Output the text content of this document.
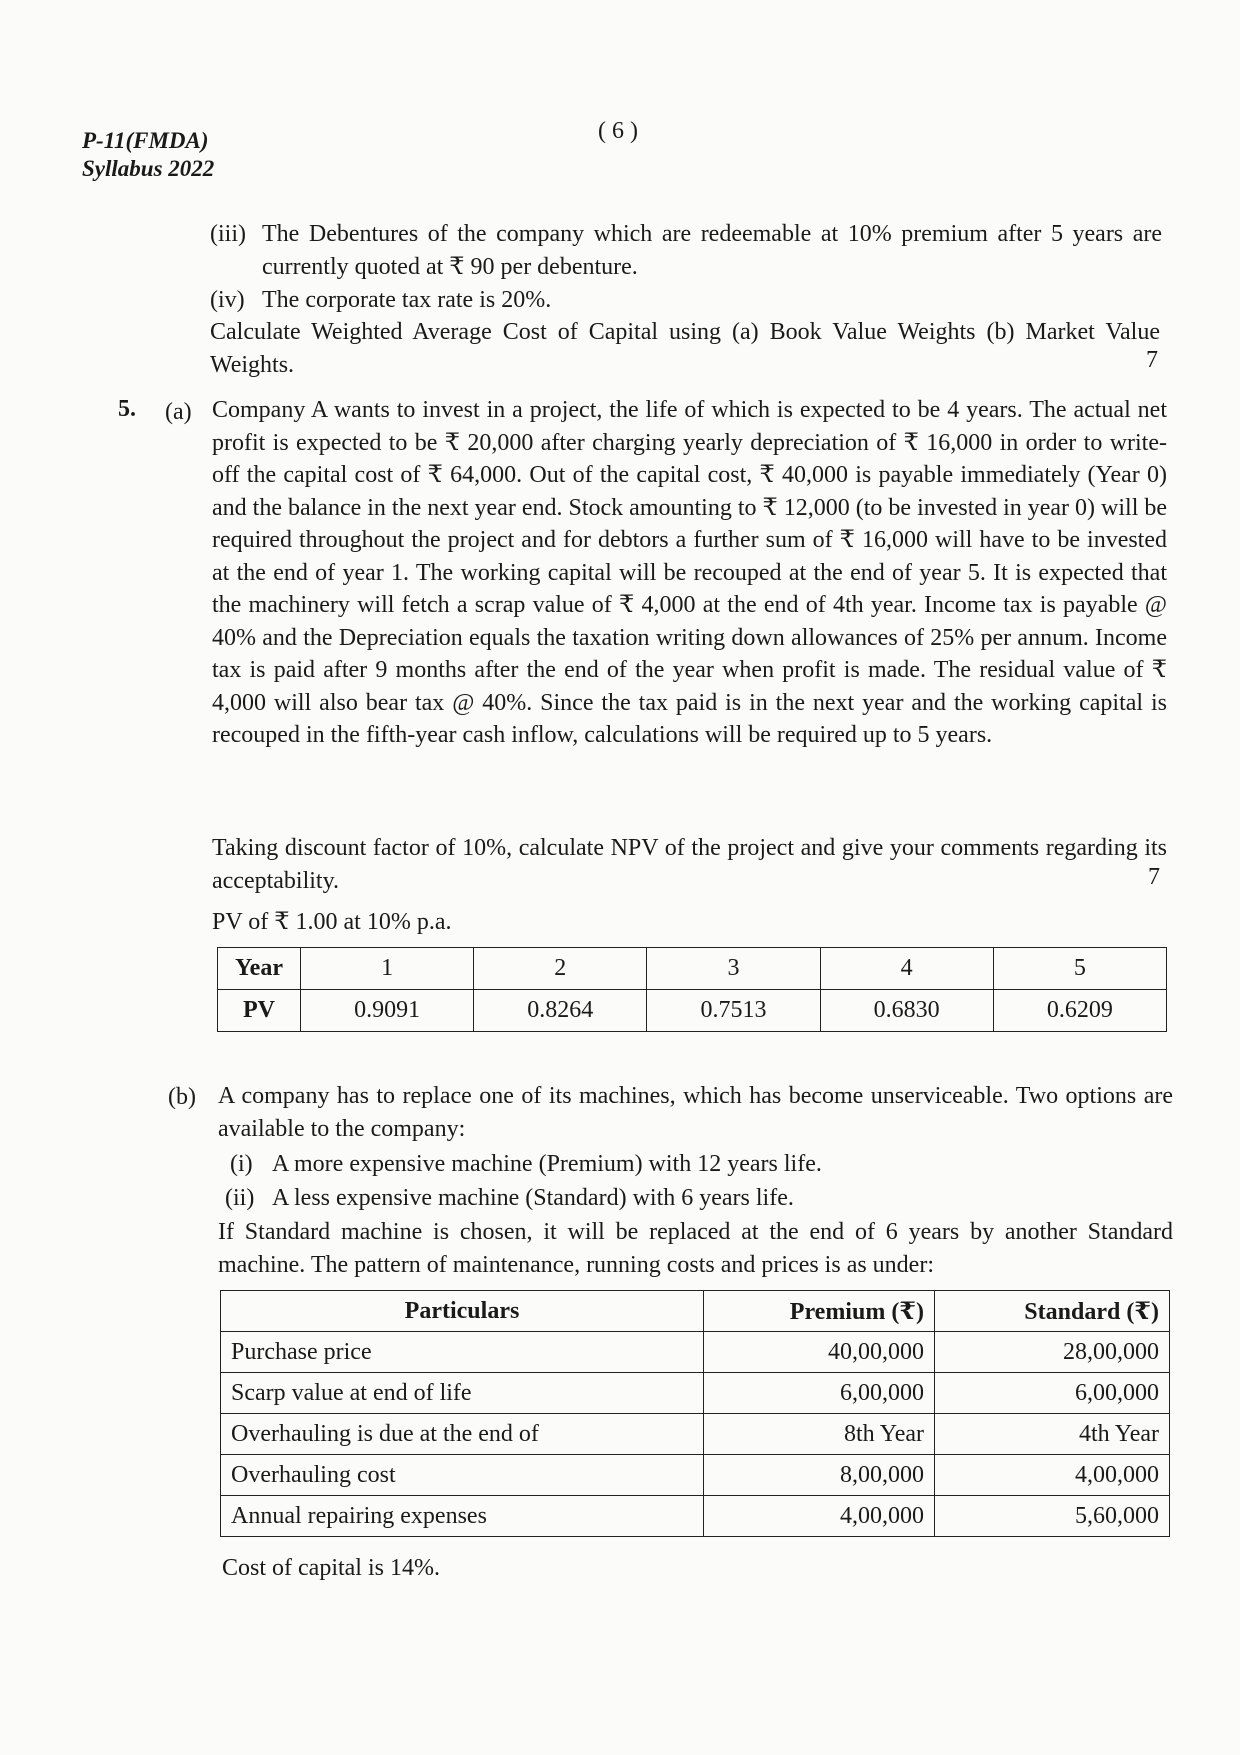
P-11(FMDA)
Syllabus 2022
( 6 )
(iii) The Debentures of the company which are redeemable at 10% premium after 5 years are currently quoted at ₹ 90 per debenture.
(iv) The corporate tax rate is 20%.
Calculate Weighted Average Cost of Capital using (a) Book Value Weights (b) Market Value Weights.	7
5. (a) Company A wants to invest in a project, the life of which is expected to be 4 years. The actual net profit is expected to be ₹ 20,000 after charging yearly depreciation of ₹ 16,000 in order to write-off the capital cost of ₹ 64,000. Out of the capital cost, ₹ 40,000 is payable immediately (Year 0) and the balance in the next year end. Stock amounting to ₹ 12,000 (to be invested in year 0) will be required throughout the project and for debtors a further sum of ₹ 16,000 will have to be invested at the end of year 1. The working capital will be recouped at the end of year 5. It is expected that the machinery will fetch a scrap value of ₹ 4,000 at the end of 4th year. Income tax is payable @ 40% and the Depreciation equals the taxation writing down allowances of 25% per annum. Income tax is paid after 9 months after the end of the year when profit is made. The residual value of ₹ 4,000 will also bear tax @ 40%. Since the tax paid is in the next year and the working capital is recouped in the fifth-year cash inflow, calculations will be required up to 5 years.
Taking discount factor of 10%, calculate NPV of the project and give your comments regarding its acceptability.	7
PV of ₹ 1.00 at 10% p.a.
Year	1	2	3	4	5
PV	0.9091	0.8264	0.7513	0.6830	0.6209
(b) A company has to replace one of its machines, which has become unserviceable. Two options are available to the company:
(i) A more expensive machine (Premium) with 12 years life.
(ii) A less expensive machine (Standard) with 6 years life.
If Standard machine is chosen, it will be replaced at the end of 6 years by another Standard machine. The pattern of maintenance, running costs and prices is as under:
Particulars	Premium (₹)	Standard (₹)
Purchase price	40,00,000	28,00,000
Scarp value at end of life	6,00,000	6,00,000
Overhauling is due at the end of	8th Year	4th Year
Overhauling cost	8,00,000	4,00,000
Annual repairing expenses	4,00,000	5,60,000
Cost of capital is 14%.
